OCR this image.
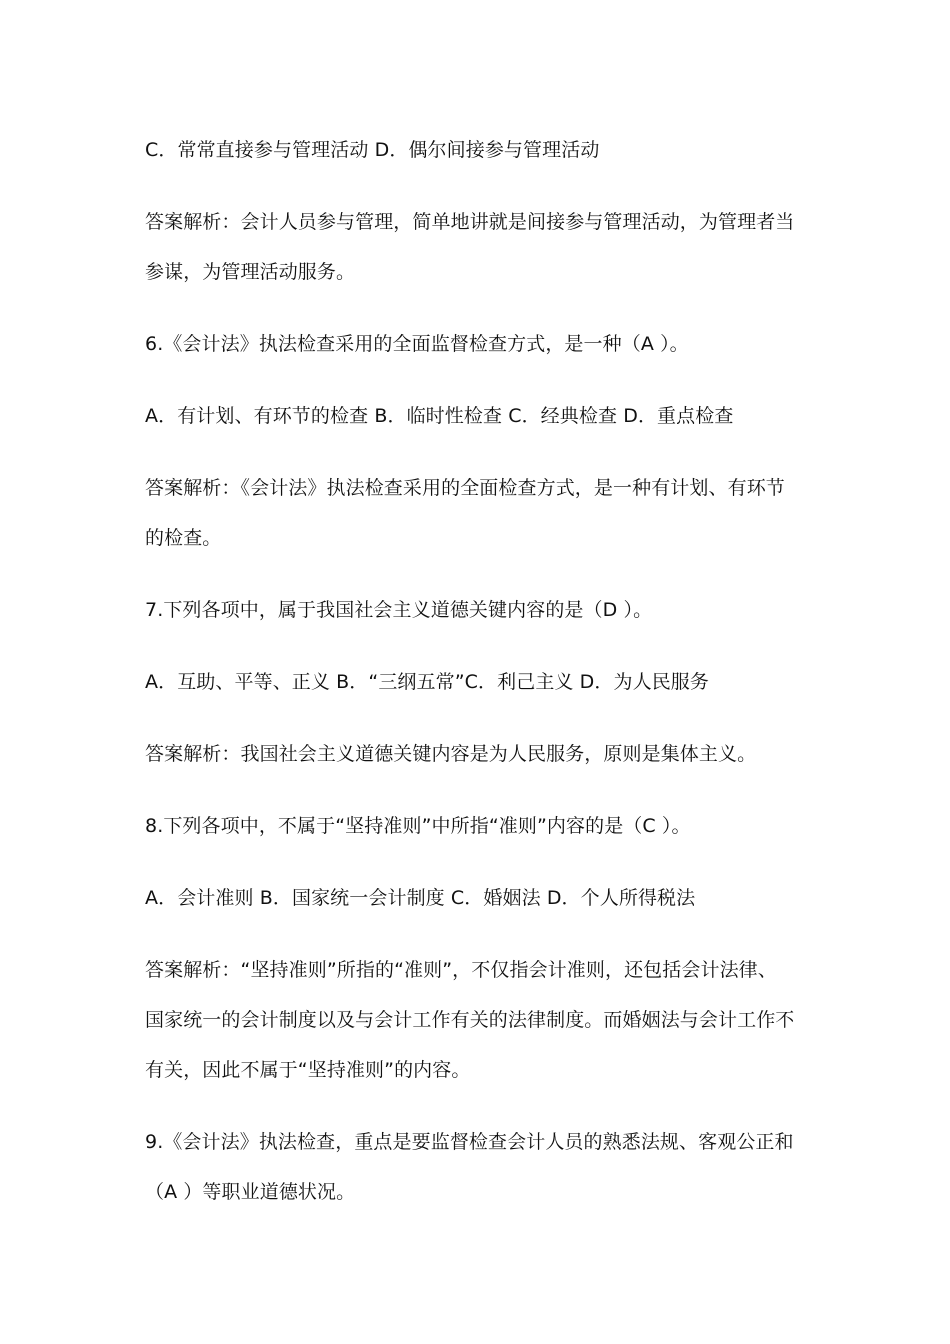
C．常常直接参与管理活动 D．偶尔间接参与管理活动
答案解析：会计人员参与管理，简单地讲就是间接参与管理活动，为管理者当
参谋，为管理活动服务。
6.《会计法》执法检查采用的全面监督检查方式，是一种（A ）。
A．有计划、有环节的检查 B．临时性检查 C．经典检查 D．重点检查
答案解析：《会计法》执法检查采用的全面检查方式，是一种有计划、有环节
的检查。
7.下列各项中，属于我国社会主义道德关键内容的是（D ）。
A．互助、平等、正义 B．“三纲五常”C．利己主义 D．为人民服务
答案解析：我国社会主义道德关键内容是为人民服务，原则是集体主义。
8.下列各项中，不属于“坚持准则”中所指“准则”内容的是（C ）。
A．会计准则 B．国家统一会计制度 C．婚姻法 D．个人所得税法
答案解析：“坚持准则”所指的“准则”，不仅指会计准则，还包括会计法律、
国家统一的会计制度以及与会计工作有关的法律制度。而婚姻法与会计工作不
有关，因此不属于“坚持准则”的内容。
9.《会计法》执法检查，重点是要监督检查会计人员的熟悉法规、客观公正和
（A ）等职业道德状况。
